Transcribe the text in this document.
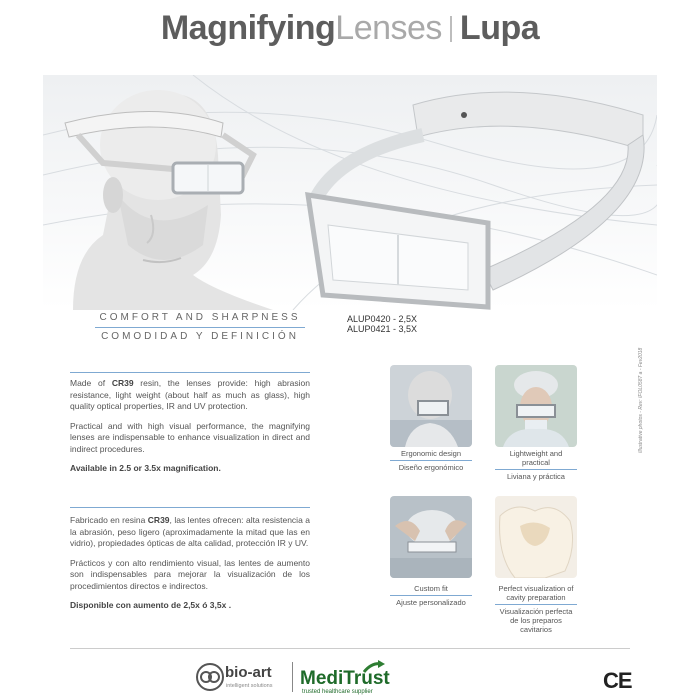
MagnifyingLenses Lupa
ALUP0420 - 2,5X
ALUP0421 - 3,5X
COMFORT AND SHARPNESS
COMODIDAD Y DEFINICIÓN
Illustrative photos - Rev: IFOL0587 a - Fev2018

Made of CR39 resin, the lenses provide: high abrasion resistance, light weight (about half as much as glass), high quality optical properties, IR and UV protection.

Practical and with high visual performance, the magnifying lenses are indispensable to enhance visualization in direct and indirect procedures.

Available in 2.5 or 3.5x magnification.

Fabricado en resina CR39, las lentes ofrecen: alta resistencia a la abrasión, peso ligero (aproximadamente la mitad que las en vidrio), propiedades ópticas de alta calidad, protección IR y UV.

Prácticos y con alto rendimiento visual, las lentes de aumento son indispensables para mejorar la visualización de los procedimientos directos e indirectos.

Disponible con aumento de 2,5x ó 3,5x .

Ergonomic design
Diseño ergonómico
Lightweight and practical
Liviana y práctica
Custom fit
Ajuste personalizado
Perfect visualization of cavity preparation
Visualización perfecta de los preparos cavitarios
bio-art
intelligent solutions MediTrust
trusted healthcare supplier	CE
